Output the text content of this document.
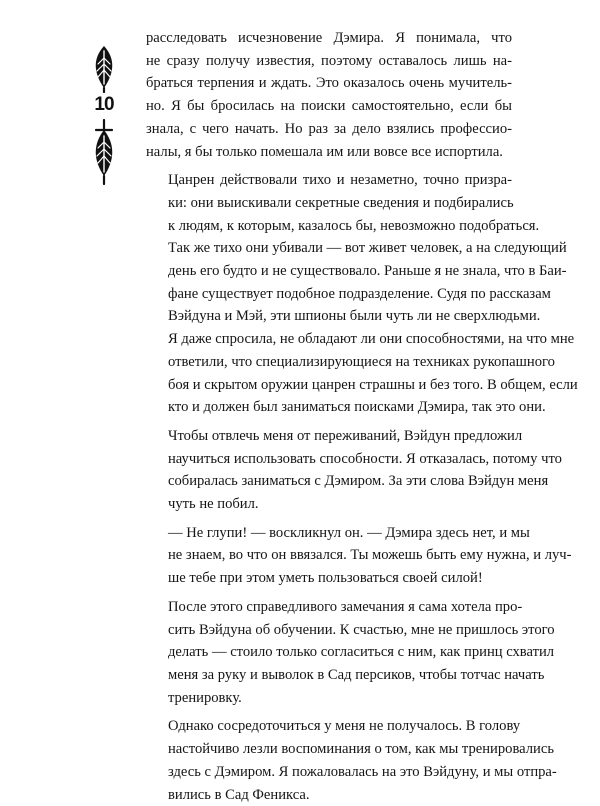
10

расследовать исчезновение Дэмира. Я понимала, что
не сразу получу известия, поэтому оставалось лишь на-
браться терпения и ждать. Это оказалось очень мучитель-
но. Я бы бросилась на поиски самостоятельно, если бы
знала, с чего начать. Но раз за дело взялись профессио-
налы, я бы только помешала им или вовсе все испортила.

Цанрен действовали тихо и незаметно, точно призра-
ки: они выискивали секретные сведения и подбирались
к людям, к которым, казалось бы, невозможно подобраться.
Так же тихо они убивали — вот живет человек, а на следующий
день его будто и не существовало. Раньше я не знала, что в Баи-
фане существует подобное подразделение. Судя по рассказам
Вэйдуна и Мэй, эти шпионы были чуть ли не сверхлюдьми.
Я даже спросила, не обладают ли они способностями, на что мне
ответили, что специализирующиеся на техниках рукопашного
боя и скрытом оружии цанрен страшны и без того. В общем, если
кто и должен был заниматься поисками Дэмира, так это они.

Чтобы отвлечь меня от переживаний, Вэйдун предложил
научиться использовать способности. Я отказалась, потому что
собиралась заниматься с Дэмиром. За эти слова Вэйдун меня
чуть не побил.

— Не глупи! — воскликнул он. — Дэмира здесь нет, и мы
не знаем, во что он ввязался. Ты можешь быть ему нужна, и луч-
ше тебе при этом уметь пользоваться своей силой!

После этого справедливого замечания я сама хотела про-
сить Вэйдуна об обучении. К счастью, мне не пришлось этого
делать — стоило только согласиться с ним, как принц схватил
меня за руку и выволок в Сад персиков, чтобы тотчас начать
тренировку.

Однако сосредоточиться у меня не получалось. В голову
настойчиво лезли воспоминания о том, как мы тренировались
здесь с Дэмиром. Я пожаловалась на это Вэйдуну, и мы отпра-
вились в Сад Феникса.
